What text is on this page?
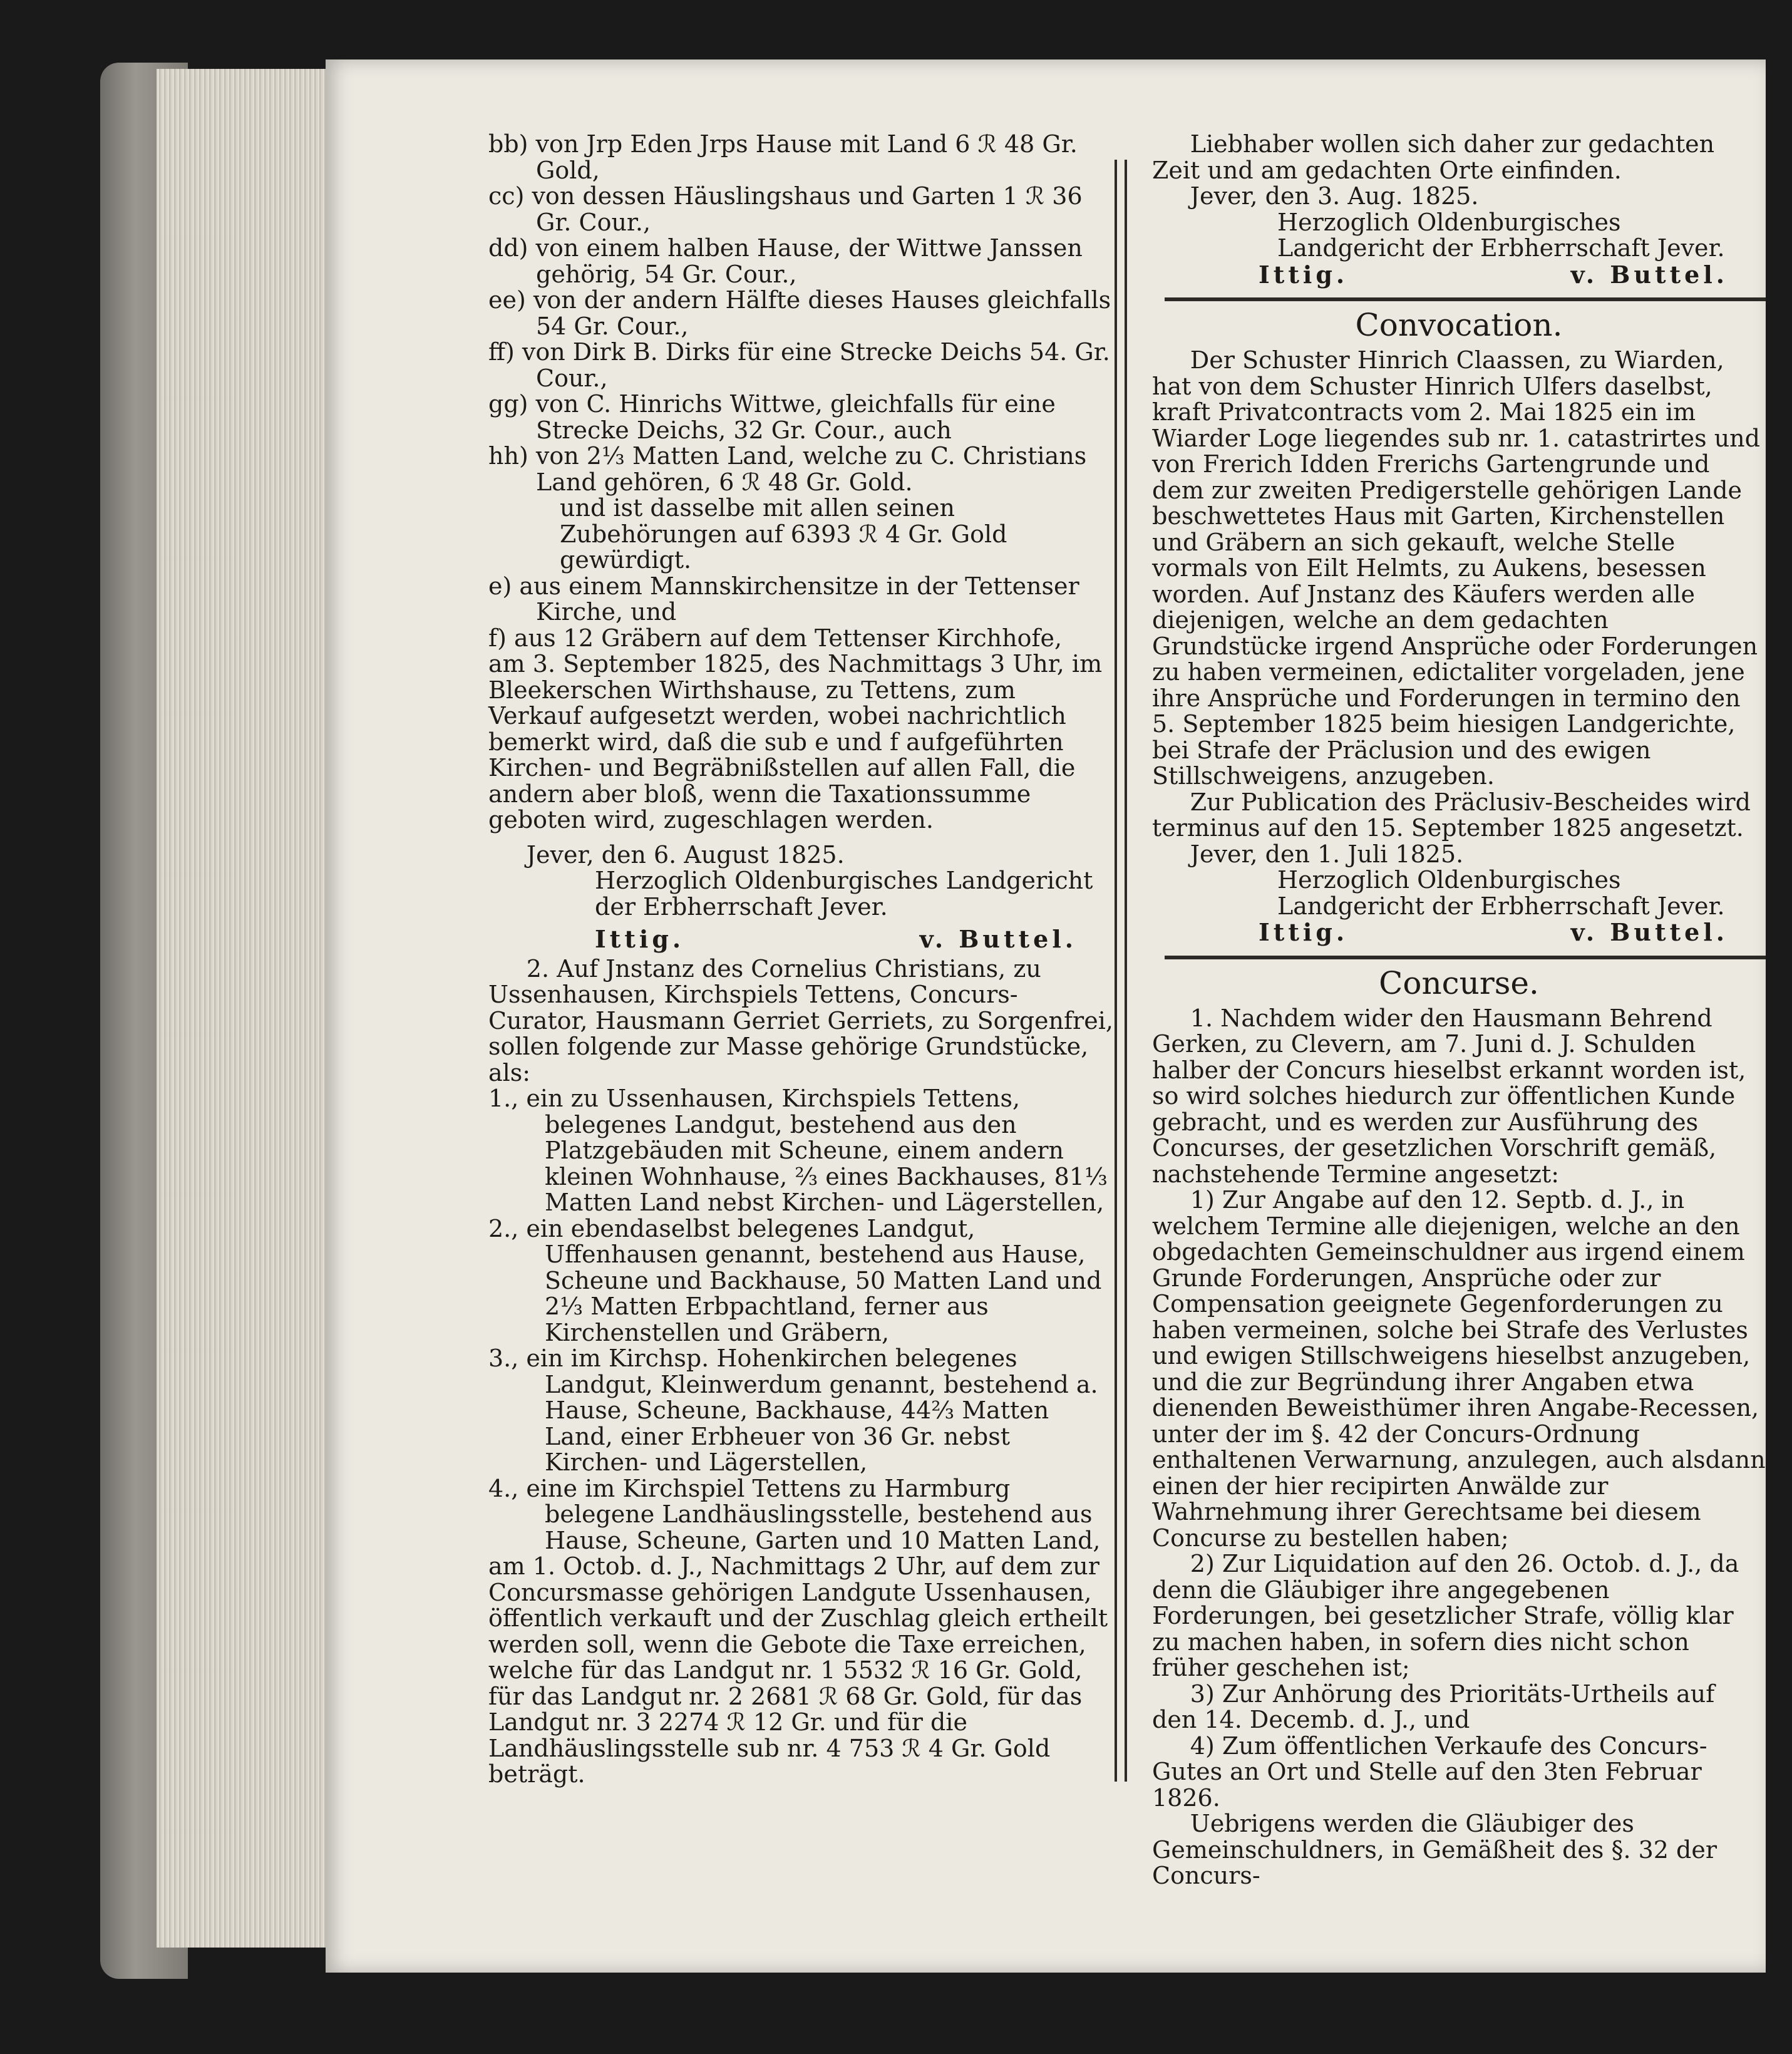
bb) von Jrp Eden Jrps Hause mit Land 6 ℛ 48 Gr. Gold,

cc) von dessen Häuslingshaus und Garten 1 ℛ 36 Gr. Cour.,

dd) von einem halben Hause, der Wittwe Janssen gehörig, 54 Gr. Cour.,

ee) von der andern Hälfte dieses Hauses gleichfalls 54 Gr. Cour.,

ff) von Dirk B. Dirks für eine Strecke Deichs 54. Gr. Cour.,

gg) von C. Hinrichs Wittwe, gleichfalls für eine Strecke Deichs, 32 Gr. Cour., auch

hh) von 2⅓ Matten Land, welche zu C. Christians Land gehören, 6 ℛ 48 Gr. Gold.

und ist dasselbe mit allen seinen Zubehörungen auf 6393 ℛ 4 Gr. Gold gewürdigt.

e) aus einem Mannskirchensitze in der Tettenser Kirche, und

f) aus 12 Gräbern auf dem Tettenser Kirchhofe,

am 3. September 1825, des Nachmittags 3 Uhr, im Bleekerschen Wirthshause, zu Tettens, zum Verkauf aufgesetzt werden, wobei nachrichtlich bemerkt wird, daß die sub e und f aufgeführten Kirchen- und Begräbnißstellen auf allen Fall, die andern aber bloß, wenn die Taxationssumme geboten wird, zugeschlagen werden.

Jever, den 6. August 1825.

Herzoglich Oldenburgisches Landgericht der Erbherrschaft Jever.

Ittig.	v. Buttel.

2. Auf Jnstanz des Cornelius Christians, zu Ussenhausen, Kirchspiels Tettens, Concurs-Curator, Hausmann Gerriet Gerriets, zu Sorgenfrei, sollen folgende zur Masse gehörige Grundstücke, als:

1., ein zu Ussenhausen, Kirchspiels Tettens, belegenes Landgut, bestehend aus den Platzgebäuden mit Scheune, einem andern kleinen Wohnhause, ⅔ eines Backhauses, 81⅓ Matten Land nebst Kirchen- und Lägerstellen,

2., ein ebendaselbst belegenes Landgut, Uffenhausen genannt, bestehend aus Hause, Scheune und Backhause, 50 Matten Land und 2⅓ Matten Erbpachtland, ferner aus Kirchenstellen und Gräbern,

3., ein im Kirchsp. Hohenkirchen belegenes Landgut, Kleinwerdum genannt, bestehend a. Hause, Scheune, Backhause, 44⅔ Matten Land, einer Erbheuer von 36 Gr. nebst Kirchen- und Lägerstellen,

4., eine im Kirchspiel Tettens zu Harmburg belegene Landhäuslingsstelle, bestehend aus Hause, Scheune, Garten und 10 Matten Land,

am 1. Octob. d. J., Nachmittags 2 Uhr, auf dem zur Concursmasse gehörigen Landgute Ussenhausen, öffentlich verkauft und der Zuschlag gleich ertheilt werden soll, wenn die Gebote die Taxe erreichen, welche für das Landgut nr. 1 5532 ℛ 16 Gr. Gold, für das Landgut nr. 2 2681 ℛ 68 Gr. Gold, für das Landgut nr. 3 2274 ℛ 12 Gr. und für die Landhäuslingsstelle sub nr. 4 753 ℛ 4 Gr. Gold beträgt.

Liebhaber wollen sich daher zur gedachten Zeit und am gedachten Orte einfinden.

Jever, den 3. Aug. 1825.

Herzoglich Oldenburgisches Landgericht der Erbherrschaft Jever.

Ittig.	v. Buttel.
Convocation.

Der Schuster Hinrich Claassen, zu Wiarden, hat von dem Schuster Hinrich Ulfers daselbst, kraft Privatcontracts vom 2. Mai 1825 ein im Wiarder Loge liegendes sub nr. 1. catastrirtes und von Frerich Idden Frerichs Gartengrunde und dem zur zweiten Predigerstelle gehörigen Lande beschwettetes Haus mit Garten, Kirchenstellen und Gräbern an sich gekauft, welche Stelle vormals von Eilt Helmts, zu Aukens, besessen worden. Auf Jnstanz des Käufers werden alle diejenigen, welche an dem gedachten Grundstücke irgend Ansprüche oder Forderungen zu haben vermeinen, edictaliter vorgeladen, jene ihre Ansprüche und Forderungen in termino den 5. September 1825 beim hiesigen Landgerichte, bei Strafe der Präclusion und des ewigen Stillschweigens, anzugeben.

Zur Publication des Präclusiv-Bescheides wird terminus auf den 15. September 1825 angesetzt.

Jever, den 1. Juli 1825.

Herzoglich Oldenburgisches Landgericht der Erbherrschaft Jever.

Ittig.	v. Buttel.
Concurse.

1. Nachdem wider den Hausmann Behrend Gerken, zu Clevern, am 7. Juni d. J. Schulden halber der Concurs hieselbst erkannt worden ist, so wird solches hiedurch zur öffentlichen Kunde gebracht, und es werden zur Ausführung des Concurses, der gesetzlichen Vorschrift gemäß, nachstehende Termine angesetzt:

1) Zur Angabe auf den 12. Septb. d. J., in welchem Termine alle diejenigen, welche an den obgedachten Gemeinschuldner aus irgend einem Grunde Forderungen, Ansprüche oder zur Compensation geeignete Gegenforderungen zu haben vermeinen, solche bei Strafe des Verlustes und ewigen Stillschweigens hieselbst anzugeben, und die zur Begründung ihrer Angaben etwa dienenden Beweisthümer ihren Angabe-Recessen, unter der im §. 42 der Concurs-Ordnung enthaltenen Verwarnung, anzulegen, auch alsdann einen der hier recipirten Anwälde zur Wahrnehmung ihrer Gerechtsame bei diesem Concurse zu bestellen haben;

2) Zur Liquidation auf den 26. Octob. d. J., da denn die Gläubiger ihre angegebenen Forderungen, bei gesetzlicher Strafe, völlig klar zu machen haben, in sofern dies nicht schon früher geschehen ist;

3) Zur Anhörung des Prioritäts-Urtheils auf den 14. Decemb. d. J., und

4) Zum öffentlichen Verkaufe des Concurs-Gutes an Ort und Stelle auf den 3ten Februar 1826.

Uebrigens werden die Gläubiger des Gemeinschuldners, in Gemäßheit des §. 32 der Concurs-
